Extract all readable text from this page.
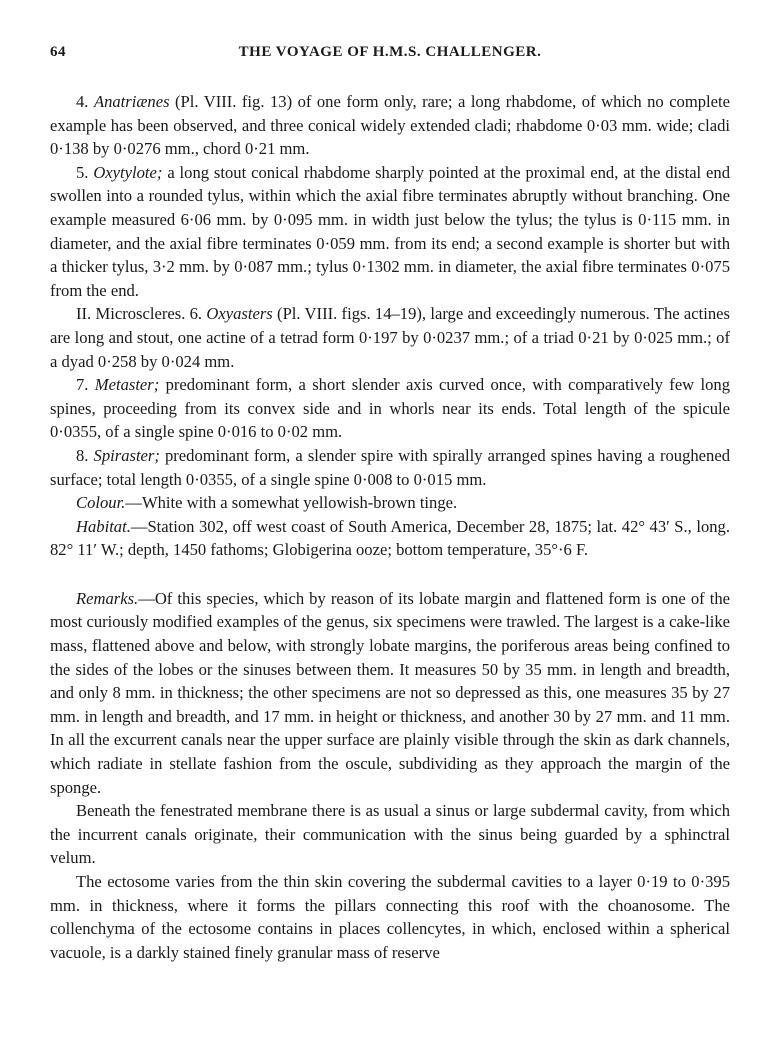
64	THE VOYAGE OF H.M.S. CHALLENGER.

4. Anatriænes (Pl. VIII. fig. 13) of one form only, rare; a long rhabdome, of which no complete example has been observed, and three conical widely extended cladi; rhabdome 0·03 mm. wide; cladi 0·138 by 0·0276 mm., chord 0·21 mm.

5. Oxytylote; a long stout conical rhabdome sharply pointed at the proximal end, at the distal end swollen into a rounded tylus, within which the axial fibre terminates abruptly without branching. One example measured 6·06 mm. by 0·095 mm. in width just below the tylus; the tylus is 0·115 mm. in diameter, and the axial fibre terminates 0·059 mm. from its end; a second example is shorter but with a thicker tylus, 3·2 mm. by 0·087 mm.; tylus 0·1302 mm. in diameter, the axial fibre terminates 0·075 from the end.

II. Microscleres. 6. Oxyasters (Pl. VIII. figs. 14–19), large and exceedingly numerous. The actines are long and stout, one actine of a tetrad form 0·197 by 0·0237 mm.; of a triad 0·21 by 0·025 mm.; of a dyad 0·258 by 0·024 mm.

7. Metaster; predominant form, a short slender axis curved once, with comparatively few long spines, proceeding from its convex side and in whorls near its ends. Total length of the spicule 0·0355, of a single spine 0·016 to 0·02 mm.

8. Spiraster; predominant form, a slender spire with spirally arranged spines having a roughened surface; total length 0·0355, of a single spine 0·008 to 0·015 mm.

Colour.—White with a somewhat yellowish-brown tinge.

Habitat.—Station 302, off west coast of South America, December 28, 1875; lat. 42° 43′ S., long. 82° 11′ W.; depth, 1450 fathoms; Globigerina ooze; bottom temperature, 35°·6 F.

Remarks.—Of this species, which by reason of its lobate margin and flattened form is one of the most curiously modified examples of the genus, six specimens were trawled. The largest is a cake-like mass, flattened above and below, with strongly lobate margins, the poriferous areas being confined to the sides of the lobes or the sinuses between them. It measures 50 by 35 mm. in length and breadth, and only 8 mm. in thickness; the other specimens are not so depressed as this, one measures 35 by 27 mm. in length and breadth, and 17 mm. in height or thickness, and another 30 by 27 mm. and 11 mm. In all the excurrent canals near the upper surface are plainly visible through the skin as dark channels, which radiate in stellate fashion from the oscule, subdividing as they approach the margin of the sponge.

Beneath the fenestrated membrane there is as usual a sinus or large subdermal cavity, from which the incurrent canals originate, their communication with the sinus being guarded by a sphinctral velum.

The ectosome varies from the thin skin covering the subdermal cavities to a layer 0·19 to 0·395 mm. in thickness, where it forms the pillars connecting this roof with the choanosome. The collenchyma of the ectosome contains in places collencytes, in which, enclosed within a spherical vacuole, is a darkly stained finely granular mass of reserve
